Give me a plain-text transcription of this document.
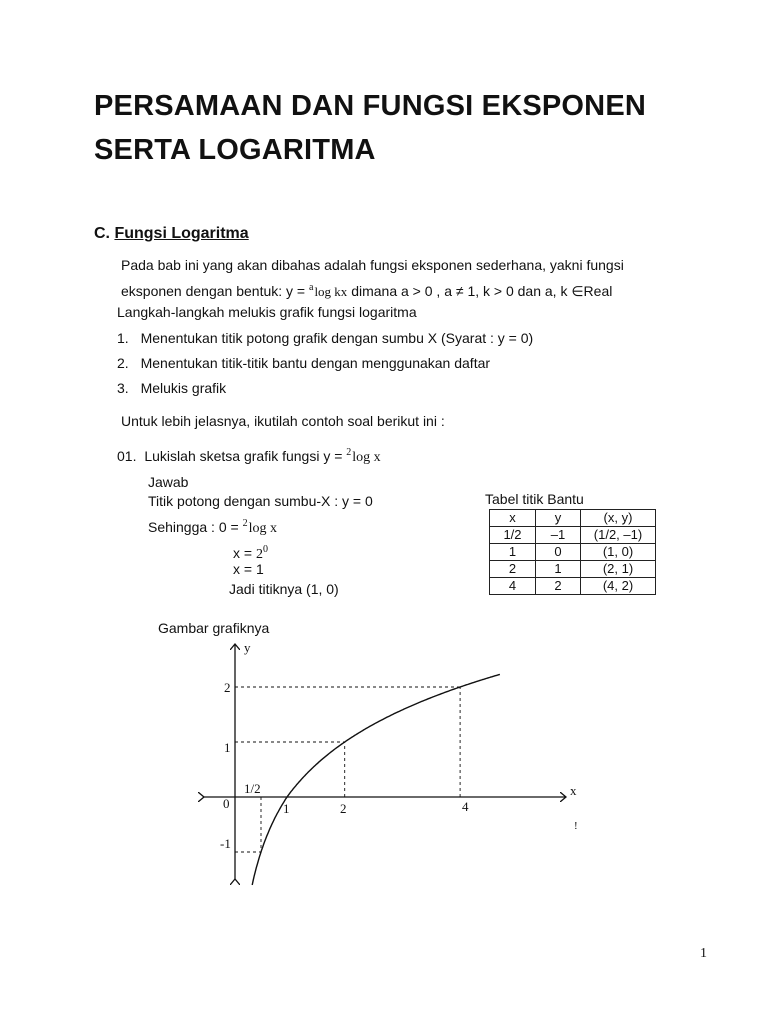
PERSAMAAN DAN FUNGSI EKSPONEN
SERTA LOGARITMA
C. Fungsi Logaritma
Pada bab ini yang akan dibahas adalah fungsi eksponen sederhana, yakni fungsi
eksponen dengan bentuk: y = $^a$log kx dimana a > 0 , a ≠ 1, k > 0 dan a, k ∈Real
Langkah-langkah melukis grafik fungsi logaritma
1. Menentukan titik potong grafik dengan sumbu X (Syarat : y = 0)
2. Menentukan titik-titik bantu dengan menggunakan daftar
3. Melukis grafik
Untuk lebih jelasnya, ikutilah contoh soal berikut ini :
01. Lukislah sketsa grafik fungsi y = $^2$log x
Jawab
Titik potong dengan sumbu-X : y = 0
Sehingga : 0 = $^2$log x
$x = 2^0$
x = 1
Jadi titiknya (1, 0)
Tabel titik Bantu
x	y	(x, y)
1/2	–1	(1/2, –1)
1	0	(1, 0)
2	1	(2, 1)
4	2	(4, 2)
Gambar grafiknya
x
y
0
1/2
1	2	4
2
1
-1
!
1
